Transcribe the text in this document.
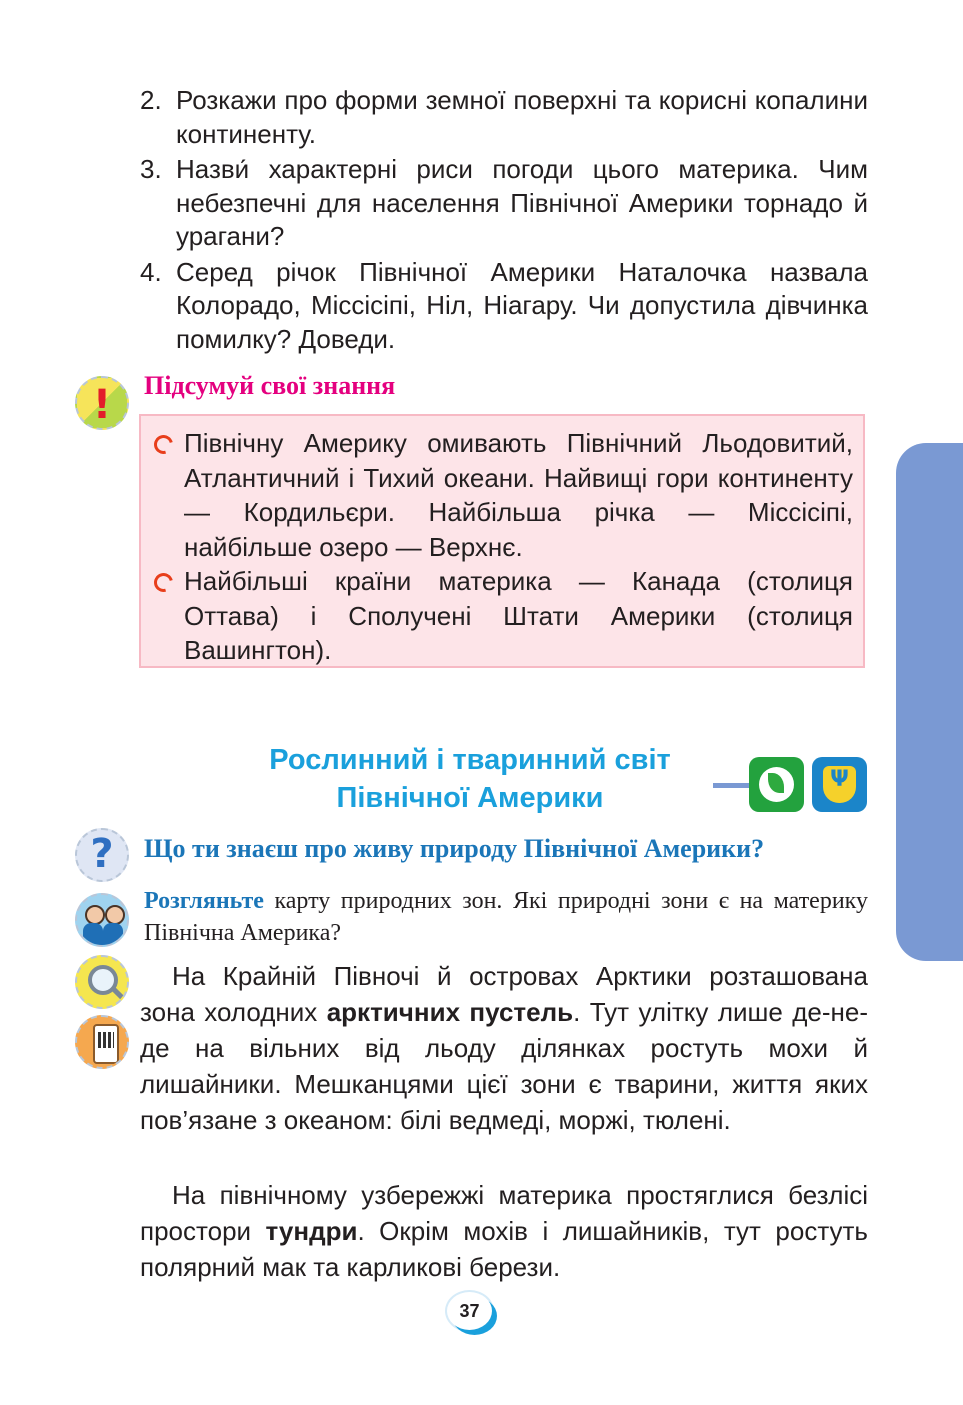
2. Розкажи про форми земної поверхні та корисні копалини континенту.
3. Назви́ характерні риси погоди цього материка. Чим небезпечні для населення Північної Америки торнадо й урагани?
4. Серед річок Північної Америки Наталочка назвала Колорадо, Міссісіпі, Ніл, Ніагару. Чи допустила дівчинка помилку? Доведи.
!	Підсумуй свої знання
Північну Америку омивають Північний Льодовитий, Атлантичний і Тихий океани. Найвищі гори континенту — Кордильєри. Найбільша річка — Міссісіпі, найбільше озеро — Верхнє.
Найбільші країни материка — Канада (столиця Оттава) і Сполучені Штати Америки (столиця Вашингтон).
Рослинний і тваринний світ
Північної Америки
Ψ
?	Що ти знаєш про живу природу Північної Америки?
Розгляньте карту природних зон. Які природні зони є на материку Північна Америка?
На Крайній Півночі й островах Арктики розташована зона холодних арктичних пустель. Тут улітку лише де-не-де на вільних від льоду ділянках ростуть мохи й лишайники. Мешканцями цієї зони є тварини, життя яких пов’язане з океаном: білі ведмеді, моржі, тюлені.
На північному узбережжі материка простяглися безлісі простори тундри. Окрім мохів і лишайників, тут ростуть полярний мак та карликові берези.
37
